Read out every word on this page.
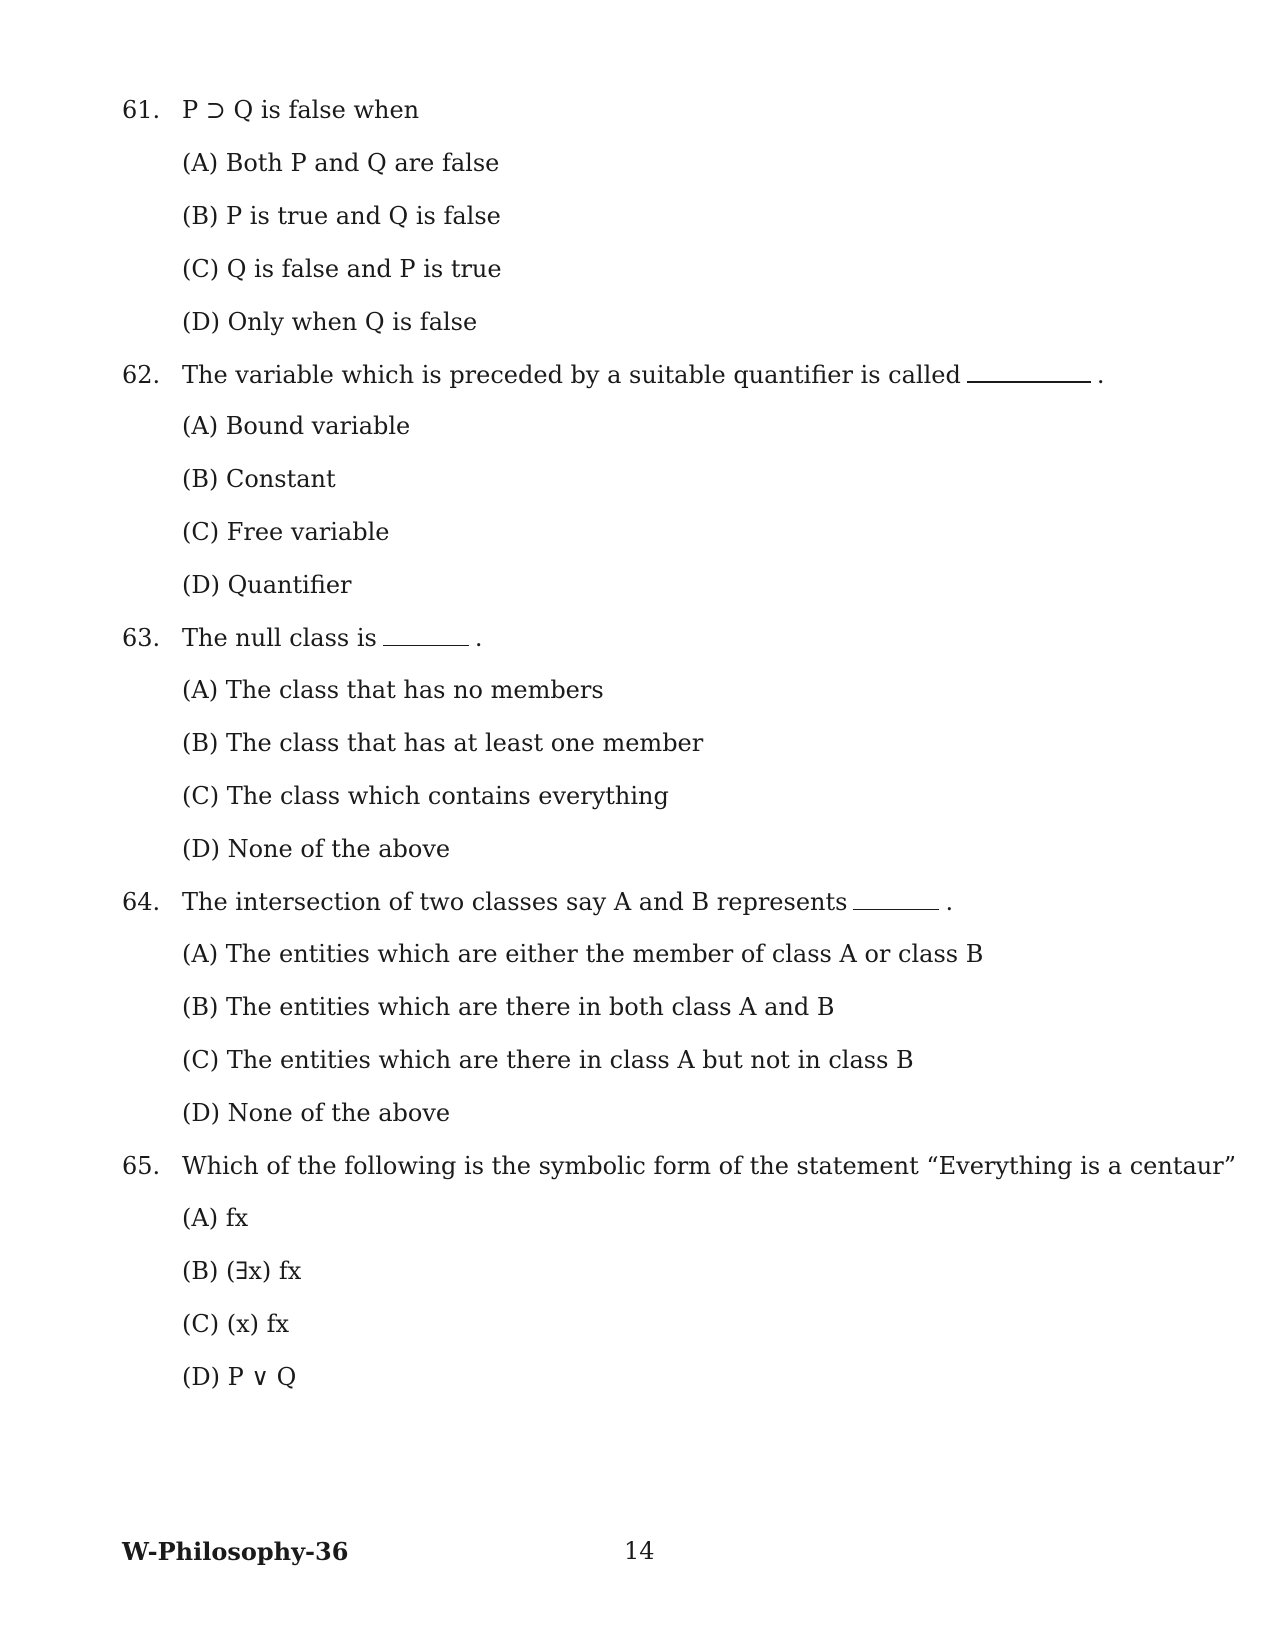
61. P ⊃ Q is false when
(A) Both P and Q are false
(B) P is true and Q is false
(C) Q is false and P is true
(D) Only when Q is false
62. The variable which is preceded by a suitable quantifier is called	.
(A) Bound variable
(B) Constant
(C) Free variable
(D) Quantifier
63. The null class is	.
(A) The class that has no members
(B) The class that has at least one member
(C) The class which contains everything
(D) None of the above
64. The intersection of two classes say A and B represents	.
(A) The entities which are either the member of class A or class B
(B) The entities which are there in both class A and B
(C) The entities which are there in class A but not in class B
(D) None of the above
65. Which of the following is the symbolic form of the statement “Everything is a centaur”
(A) fx
(B) (∃x) fx
(C) (x) fx
(D) P ∨ Q
W-Philosophy-36	14
